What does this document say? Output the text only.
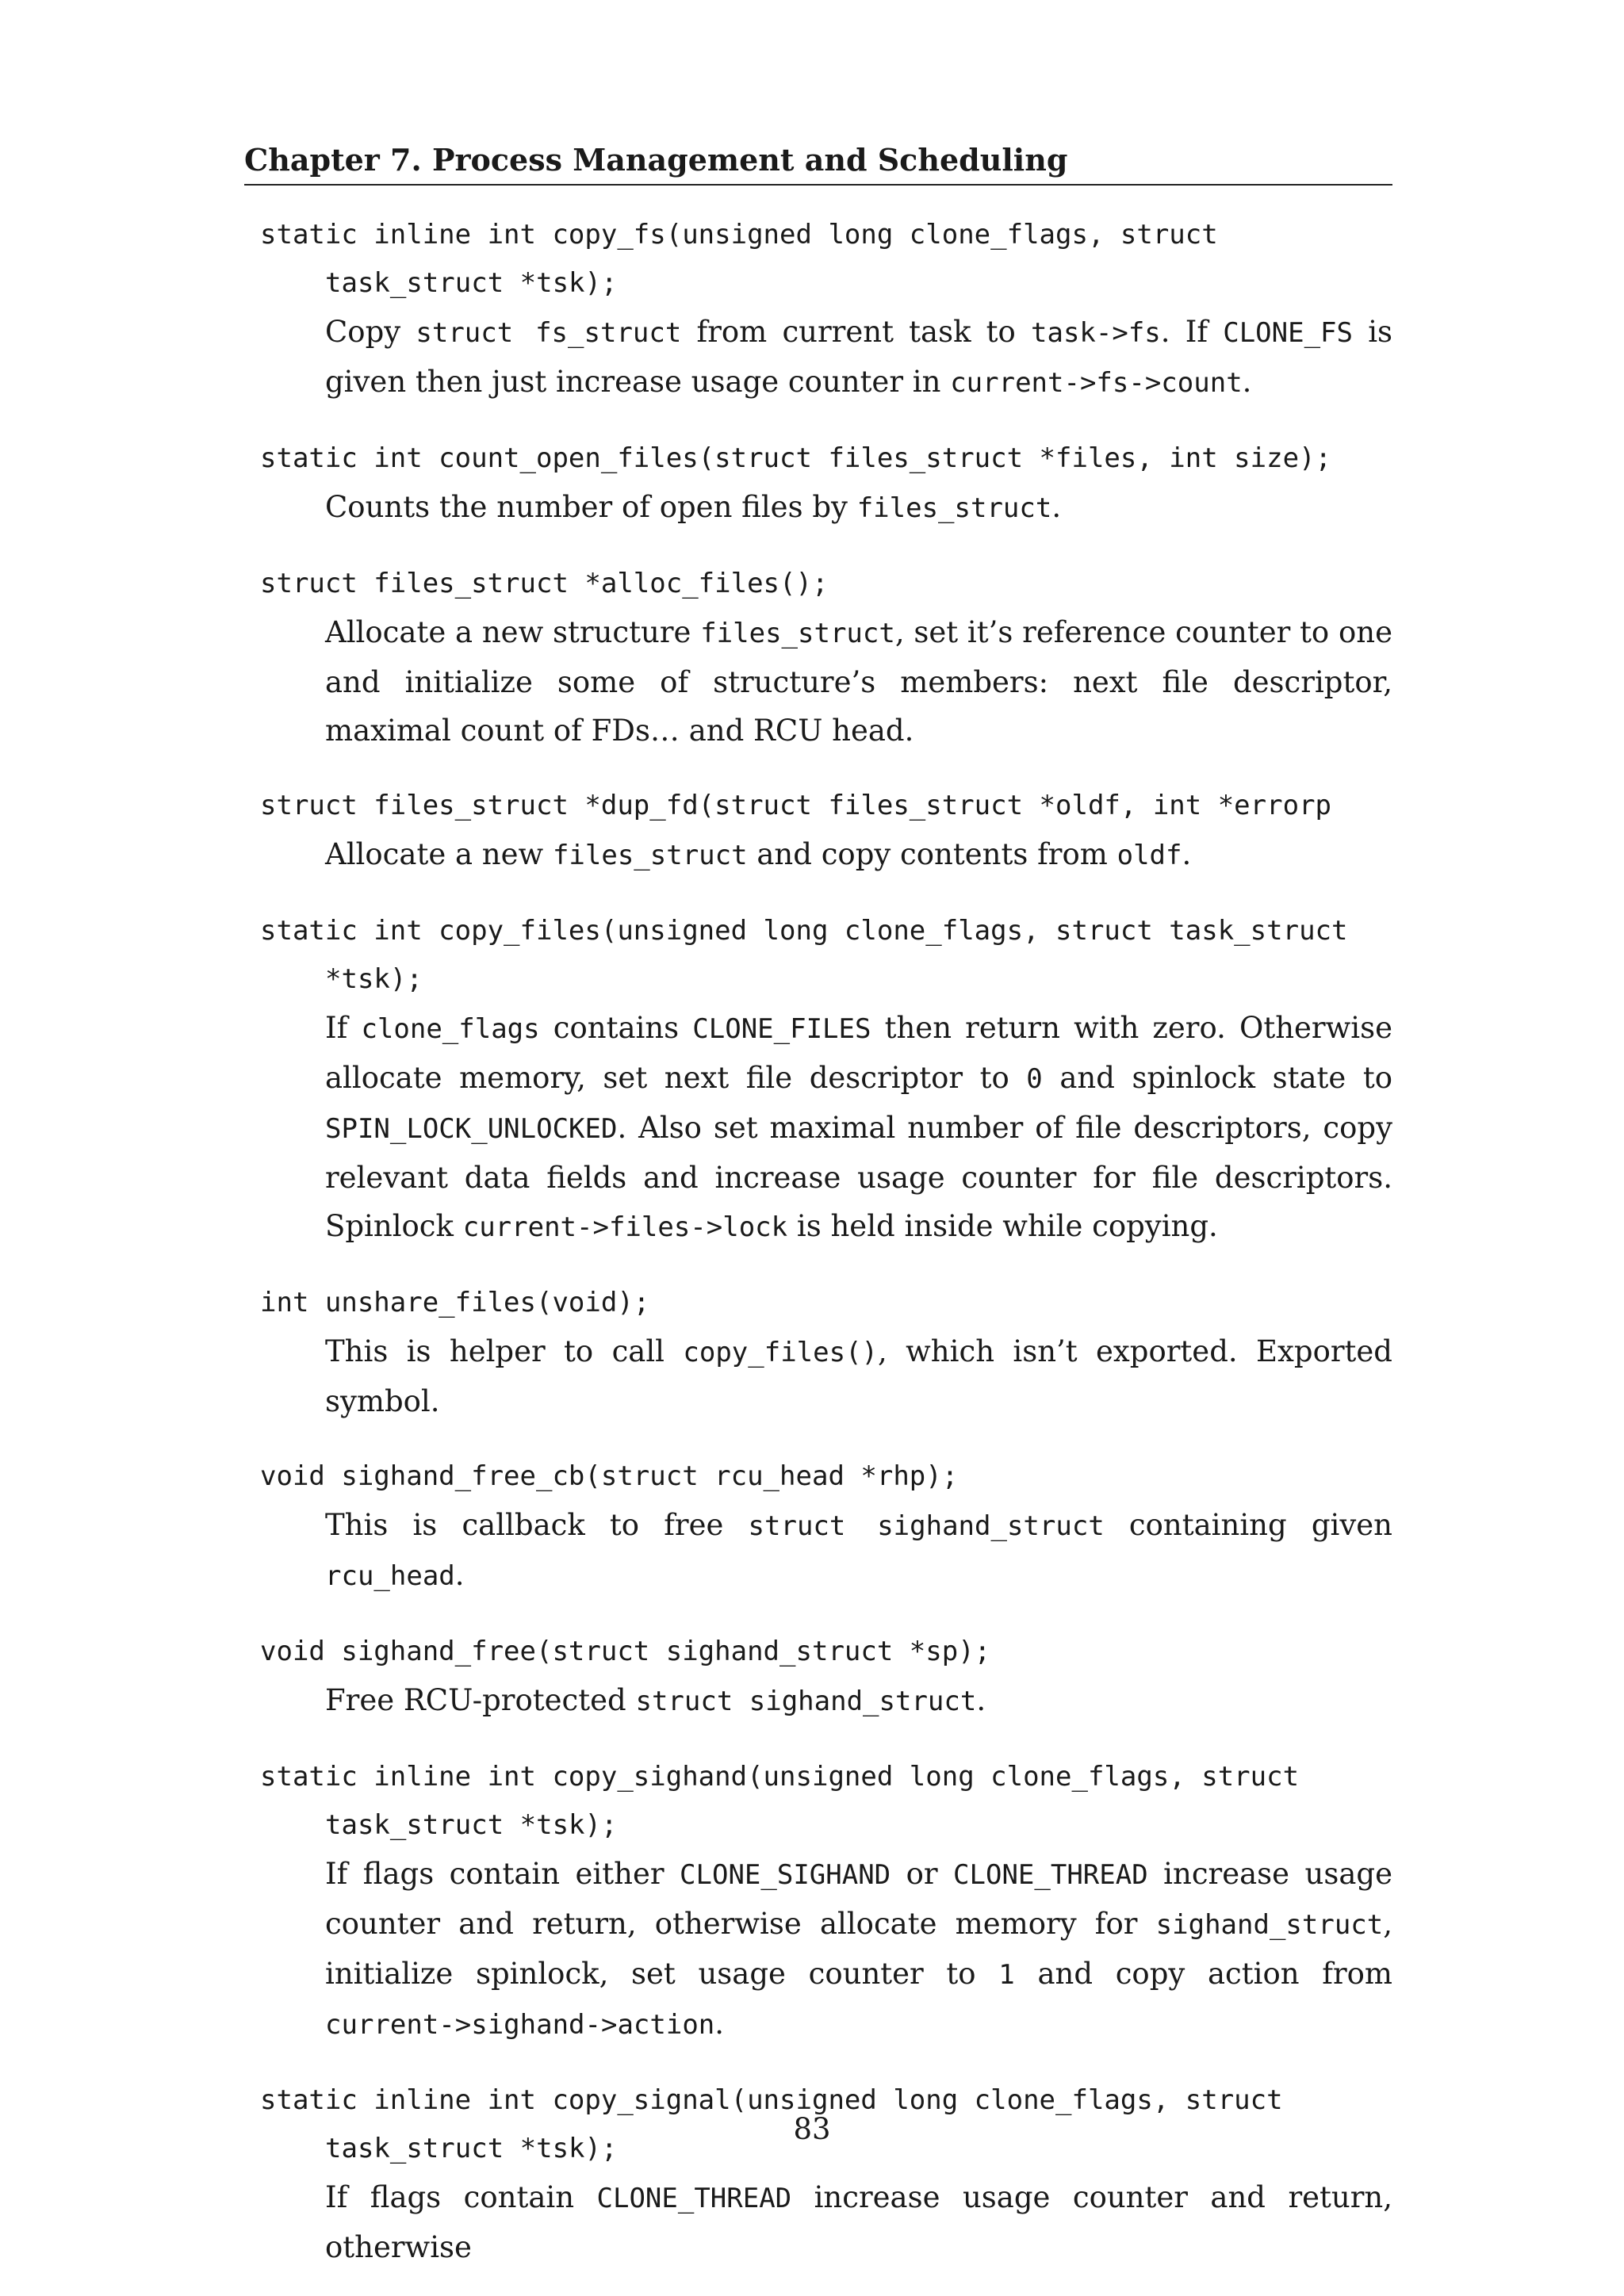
Chapter 7. Process Management and Scheduling

static inline int copy_fs(unsigned long clone_flags, struct task_struct *tsk);

Copy struct fs_struct from current task to task->fs. If CLONE_FS is given then just increase usage counter in current->fs->count.

static int count_open_files(struct files_struct *files, int size);

Counts the number of open files by files_struct.

struct files_struct *alloc_files();

Allocate a new structure files_struct, set it’s reference counter to one and initialize some of structure’s members: next file descriptor, maximal count of FDs… and RCU head.

struct files_struct *dup_fd(struct files_struct *oldf, int *errorp

Allocate a new files_struct and copy contents from oldf.

static int copy_files(unsigned long clone_flags, struct task_struct *tsk);

If clone_flags contains CLONE_FILES then return with zero. Otherwise allocate memory, set next file descriptor to 0 and spinlock state to SPIN_LOCK_UNLOCKED. Also set maximal number of file descriptors, copy relevant data fields and increase usage counter for file descriptors. Spinlock current->files->lock is held inside while copying.

int unshare_files(void);

This is helper to call copy_files(), which isn’t exported. Exported symbol.

void sighand_free_cb(struct rcu_head *rhp);

This is callback to free struct sighand_struct containing given rcu_head.

void sighand_free(struct sighand_struct *sp);

Free RCU-protected struct sighand_struct.

static inline int copy_sighand(unsigned long clone_flags, struct task_struct *tsk);

If flags contain either CLONE_SIGHAND or CLONE_THREAD increase usage counter and return, otherwise allocate memory for sighand_struct, initialize spinlock, set usage counter to 1 and copy action from current->sighand->action.

static inline int copy_signal(unsigned long clone_flags, struct task_struct *tsk);

If flags contain CLONE_THREAD increase usage counter and return, otherwise

83
